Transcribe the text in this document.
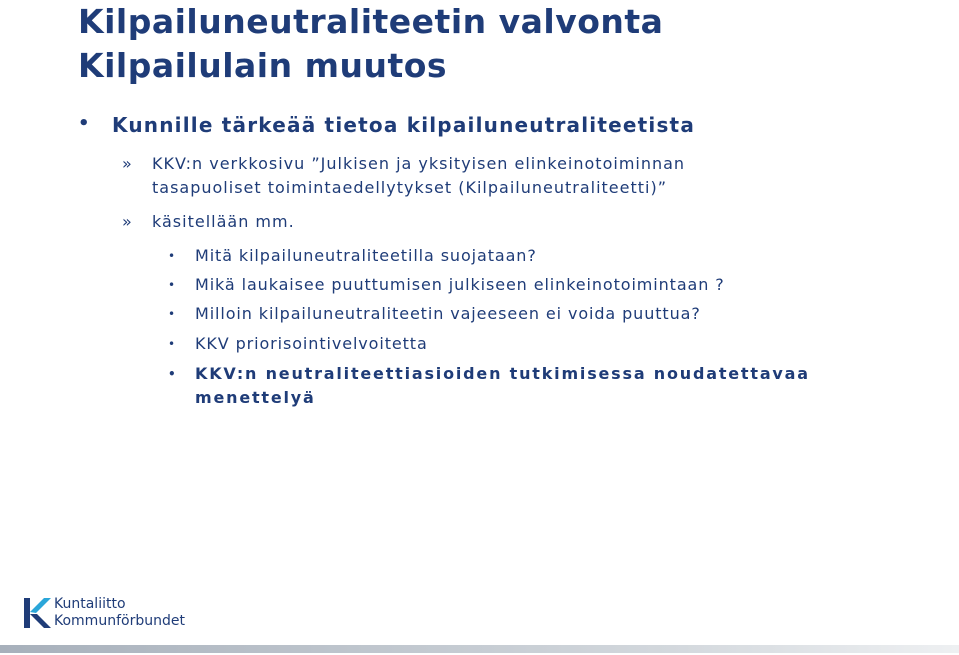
Kilpailuneutraliteetin valvonta
Kilpailulain muutos
• Kunnille tärkeää tietoa kilpailuneutraliteetista
» KKV:n verkkosivu ”Julkisen ja yksityisen elinkeinotoiminnan
tasapuoliset toimintaedellytykset (Kilpailuneutraliteetti)”
» käsitellään mm.
• Mitä kilpailuneutraliteetilla suojataan?
• Mikä laukaisee puuttumisen julkiseen elinkeinotoimintaan ?
• Milloin kilpailuneutraliteetin vajeeseen ei voida puuttua?
• KKV priorisointivelvoitetta
• KKV:n neutraliteettiasioiden tutkimisessa noudatettavaa
menettelyä
Kuntaliitto
Kommunförbundet
